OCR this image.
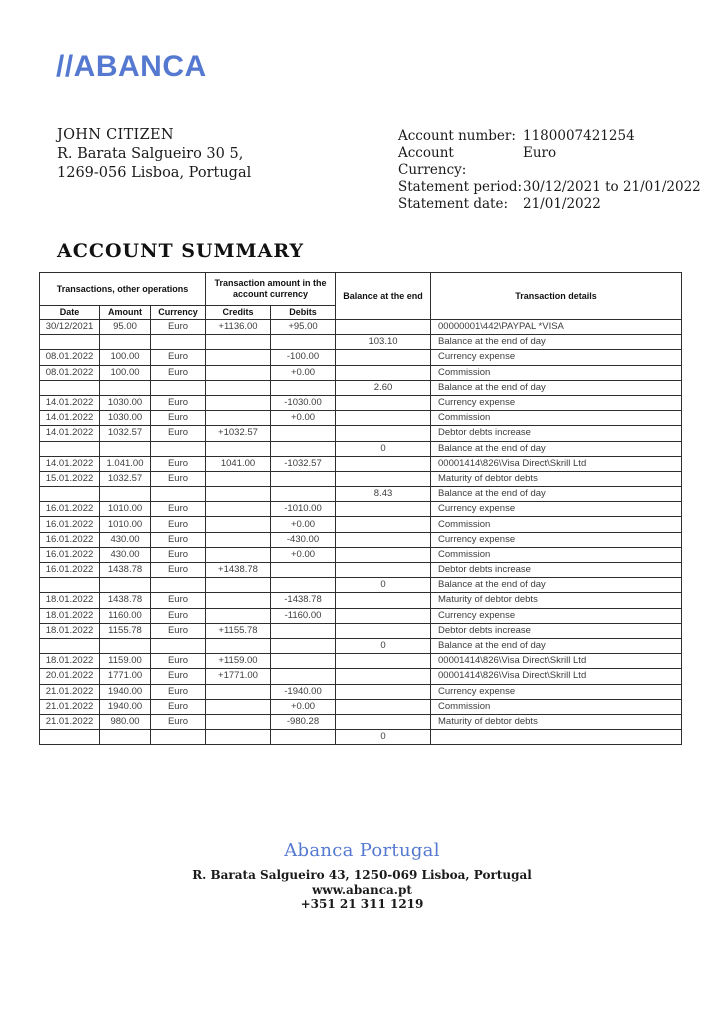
//ABANCA
JOHN CITIZEN
R. Barata Salgueiro 30 5,
1269-056 Lisboa, Portugal
Account number: 1180007421254
Account Currency:
Euro
Statement period: 30/12/2021 to 21/01/2022
Statement date:	21/01/2022
ACCOUNT SUMMARY
Transactions, other operations			Transaction amount in the account currency		Balance at the end	Transaction details
Date	Amount	Currency	Credits	Debits		
30/12/2021	95.00	Euro	+1136.00	+95.00		00000001\442\PAYPAL *VISA
					103.10	Balance at the end of day
08.01.2022	100.00	Euro		-100.00		Currency expense
08.01.2022	100.00	Euro		+0.00		Commission
					2.60	Balance at the end of day
14.01.2022	1030.00	Euro		-1030.00		Currency expense
14.01.2022	1030.00	Euro		+0.00		Commission
14.01.2022	1032.57	Euro	+1032.57			Debtor debts increase
					0	Balance at the end of day
14.01.2022	1.041.00	Euro	1041.00	-1032.57		00001414\826\Visa Direct\Skrill Ltd
15.01.2022	1032.57	Euro				Maturity of debtor debts
					8.43	Balance at the end of day
16.01.2022	1010.00	Euro		-1010.00		Currency expense
16.01.2022	1010.00	Euro		+0.00		Commission
16.01.2022	430.00	Euro		-430.00		Currency expense
16.01.2022	430.00	Euro		+0.00		Commission
16.01.2022	1438.78	Euro	+1438.78			Debtor debts increase
					0	Balance at the end of day
18.01.2022	1438.78	Euro		-1438.78		Maturity of debtor debts
18.01.2022	1160.00	Euro		-1160.00		Currency expense
18.01.2022	1155.78	Euro	+1155.78			Debtor debts increase
					0	Balance at the end of day
18.01.2022	1159.00	Euro	+1159.00			00001414\826\Visa Direct\Skrill Ltd
20.01.2022	1771.00	Euro	+1771.00			00001414\826\Visa Direct\Skrill Ltd
21.01.2022	1940.00	Euro		-1940.00		Currency expense
21.01.2022	1940.00	Euro		+0.00		Commission
21.01.2022	980.00	Euro		-980.28		Maturity of debtor debts
					0	
Abanca Portugal
R. Barata Salgueiro 43, 1250-069 Lisboa, Portugal
www.abanca.pt
+351 21 311 1219
